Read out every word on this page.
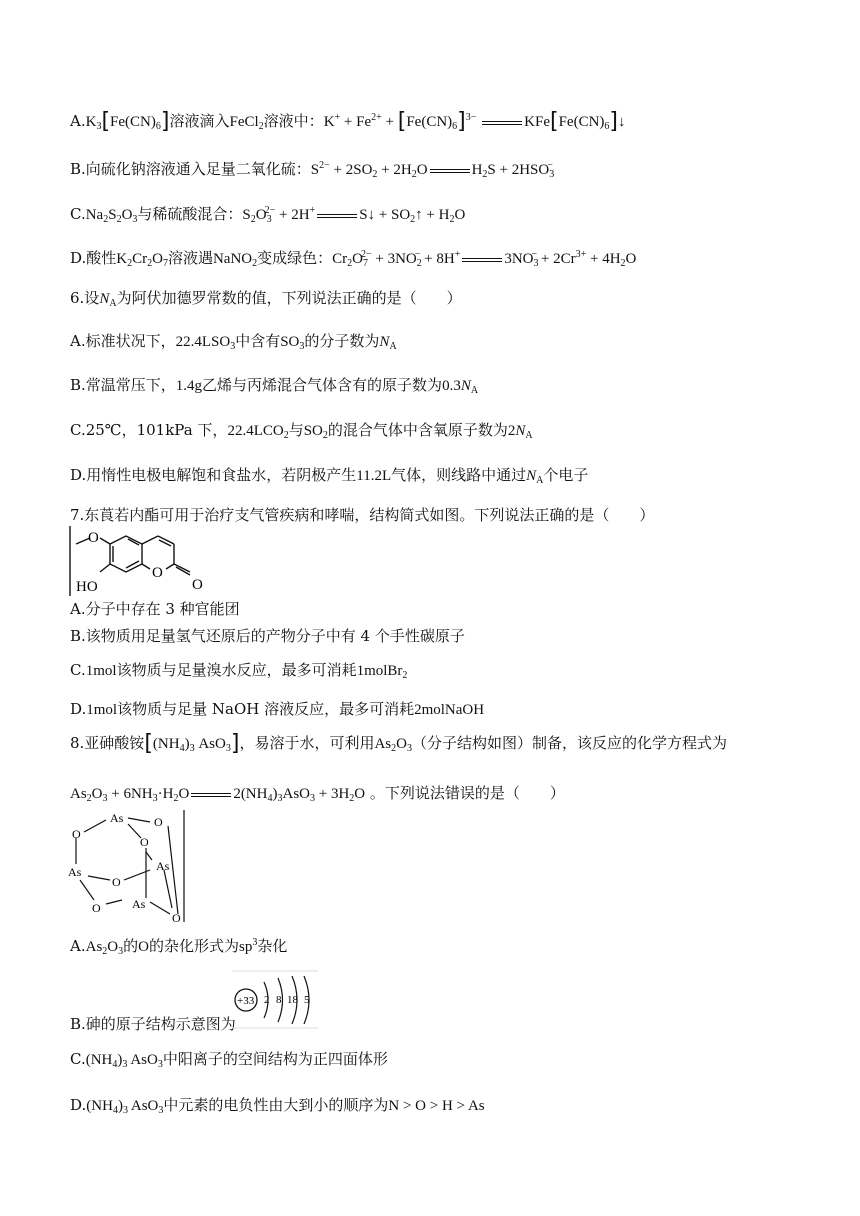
$A.K_3[Fe(CN)_6]$溶液滴入FeCl$_2$溶液中：$K^+ + Fe^{2+} + [Fe(CN)_6]^{3-}$	$KFe[Fe(CN)_6]↓$
B.向硫化钠溶液通入足量二氧化硫：$S^{2-} + 2SO_2 + 2H_2O$	$H_2S + 2HSO_3^-$
$C.Na_2S_2O_3$与稀硫酸混合：$S_2O_3^{2-} + 2H^+$	S↓ + $SO_2↑ + H_2O$
D.酸性$K_2Cr_2O_7$溶液遇NaNO$_2$变成绿色：$Cr_2O_7^{2-} + 3NO_2^- + 8H^+$	$3NO_3^- + 2Cr^{3+} + 4H_2O$
6.设$N_A$为阿伏加德罗常数的值，下列说法正确的是（　　）
A.标准状况下，$22.4LSO_3$中含有$SO_3$的分子数为$N_A$
B.常温常压下，1.4g乙烯与丙烯混合气体含有的原子数为$0.3N_A$
C.25℃，101kPa 下，$22.4LCO_2$与$SO_2$的混合气体中含氧原子数为$2N_A$
D.用惰性电极电解饱和食盐水，若阴极产生11.2L气体，则线路中通过$N_A$个电子
7.东莨若内酯可用于治疗支气管疾病和哮喘，结构简式如图。下列说法正确的是（　　）
O
HO
O
O
A.分子中存在 3 种官能团
B.该物质用足量氢气还原后的产物分子中有 4 个手性碳原子
C.1mol该物质与足量溴水反应，最多可消耗1molBr$_2$
D.1mol该物质与足量 NaOH 溶液反应，最多可消耗2molNaOH
8.亚砷酸铵[$(NH_4)_3$ AsO$_3$]，易溶于水，可利用$As_2O_3$（分子结构如图）制备，该反应的化学方程式为
$As_2O_3 + 6NH_3\cdot H_2O$	$2(NH_4)_3AsO_3 + 3H_2O$ 。下列说法错误的是（　　）
As
O
O
O
As
O
As
O	As
O
$A.As_2O_3$的O的杂化形式为$sp^3$杂化
B.砷的原子结构示意图为
+33 2 8 18 5
$C.(NH_4)_3$ AsO$_3$中阳离子的空间结构为正四面体形
$D.(NH_4)_3$ AsO$_3$中元素的电负性由大到小的顺序为N > O > H > As
